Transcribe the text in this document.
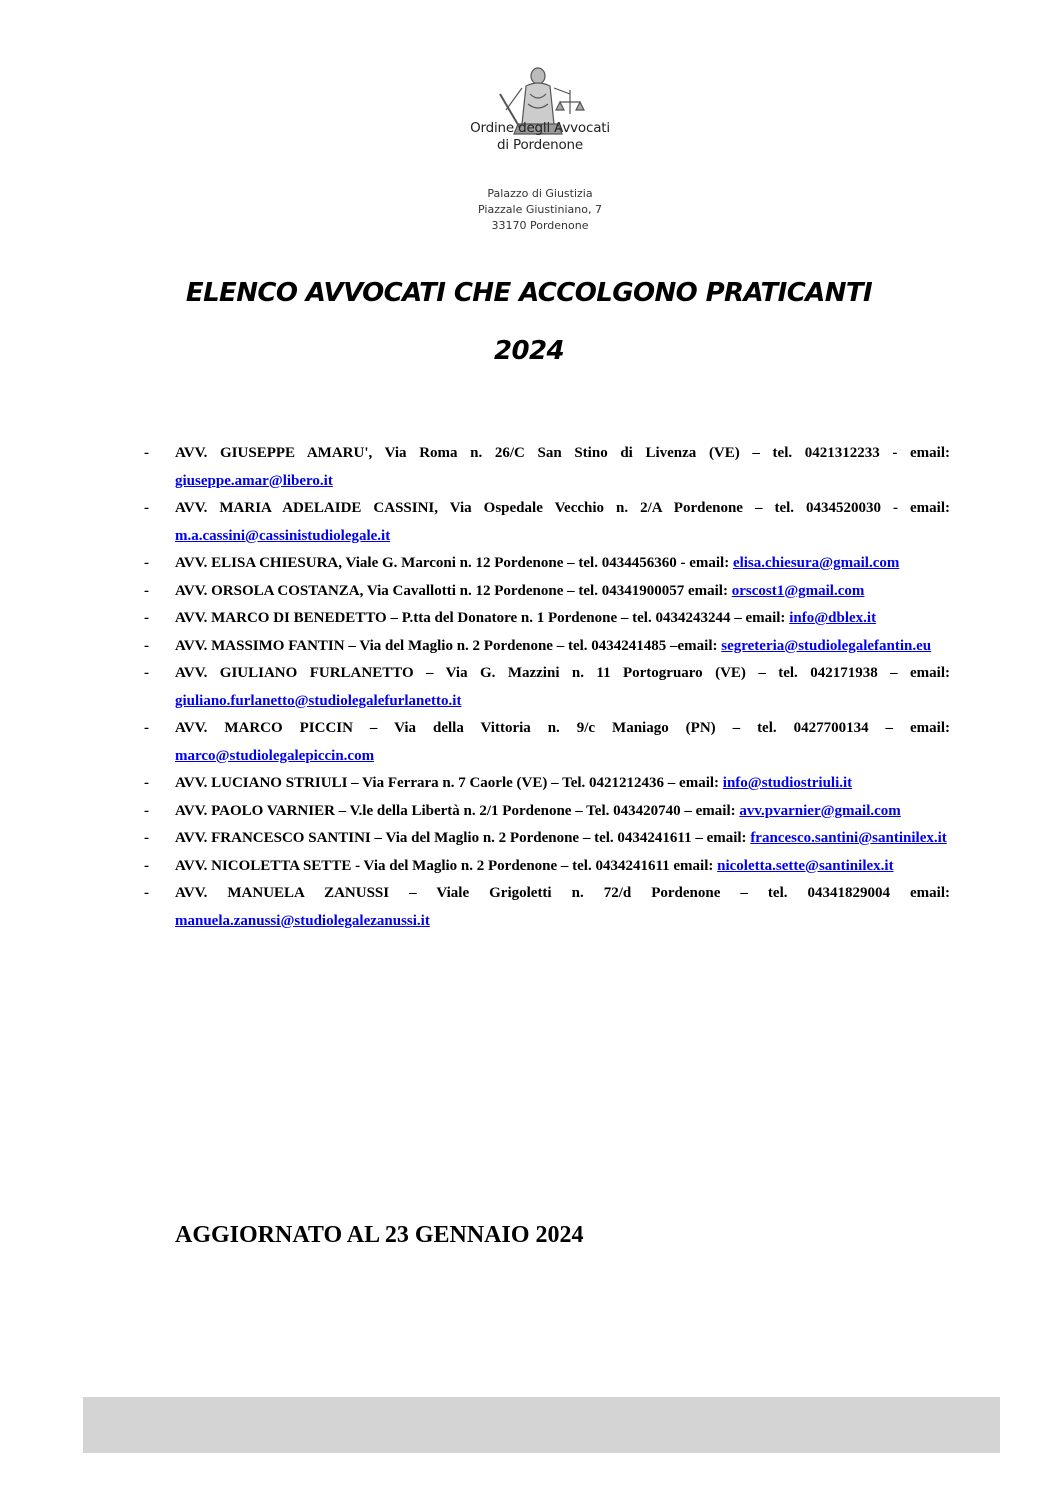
Ordine degli Avvocati
di Pordenone
Palazzo di Giustizia
Piazzale Giustiniano, 7
33170 Pordenone
ELENCO AVVOCATI CHE ACCOLGONO PRATICANTI
2024
- AVV. GIUSEPPE AMARU', Via Roma n. 26/C San Stino di Livenza (VE) – tel. 0421312233 - email: giuseppe.amar@libero.it
- AVV. MARIA ADELAIDE CASSINI, Via Ospedale Vecchio n. 2/A Pordenone – tel. 0434520030 - email: m.a.cassini@cassinistudiolegale.it
- AVV. ELISA CHIESURA, Viale G. Marconi n. 12 Pordenone – tel. 0434456360 - email: elisa.chiesura@gmail.com
- AVV. ORSOLA COSTANZA, Via Cavallotti n. 12 Pordenone – tel. 04341900057 email: orscost1@gmail.com
- AVV. MARCO DI BENEDETTO – P.tta del Donatore n. 1 Pordenone – tel. 0434243244 – email: info@dblex.it
- AVV. MASSIMO FANTIN – Via del Maglio n. 2 Pordenone – tel. 0434241485 –email: segreteria@studiolegalefantin.eu
- AVV. GIULIANO FURLANETTO – Via G. Mazzini n. 11 Portogruaro (VE) – tel. 042171938 – email: giuliano.furlanetto@studiolegalefurlanetto.it
- AVV. MARCO PICCIN – Via della Vittoria n. 9/c Maniago (PN) – tel. 0427700134 – email: marco@studiolegalepiccin.com
- AVV. LUCIANO STRIULI – Via Ferrara n. 7 Caorle (VE) – Tel. 0421212436 – email: info@studiostriuli.it
- AVV. PAOLO VARNIER – V.le della Libertà n. 2/1 Pordenone – Tel. 043420740 – email: avv.pvarnier@gmail.com
- AVV. FRANCESCO SANTINI – Via del Maglio n. 2 Pordenone – tel. 0434241611 – email: francesco.santini@santinilex.it
- AVV. NICOLETTA SETTE - Via del Maglio n. 2 Pordenone – tel. 0434241611 email: nicoletta.sette@santinilex.it
- AVV. MANUELA ZANUSSI – Viale Grigoletti n. 72/d Pordenone – tel. 04341829004 email: manuela.zanussi@studiolegalezanussi.it
AGGIORNATO AL 23 GENNAIO 2024
